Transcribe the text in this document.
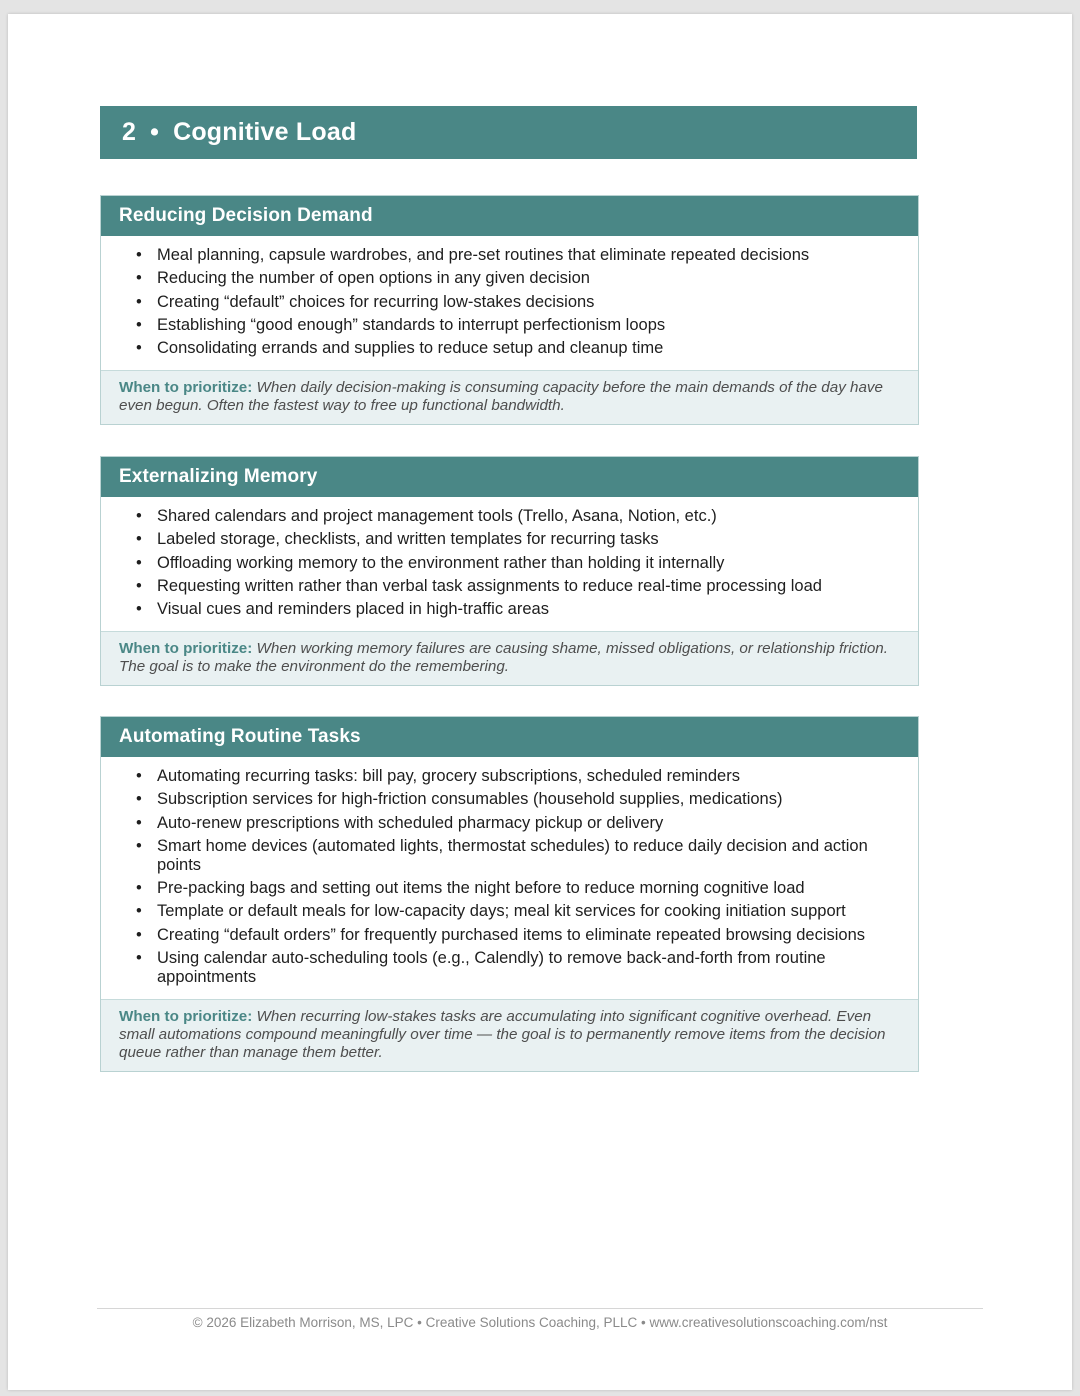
2 • Cognitive Load
Reducing Decision Demand
• Meal planning, capsule wardrobes, and pre-set routines that eliminate repeated decisions
• Reducing the number of open options in any given decision
• Creating “default” choices for recurring low-stakes decisions
• Establishing “good enough” standards to interrupt perfectionism loops
• Consolidating errands and supplies to reduce setup and cleanup time
When to prioritize: When daily decision-making is consuming capacity before the main demands of the day have even begun. Often the fastest way to free up functional bandwidth.
Externalizing Memory
• Shared calendars and project management tools (Trello, Asana, Notion, etc.)
• Labeled storage, checklists, and written templates for recurring tasks
• Offloading working memory to the environment rather than holding it internally
• Requesting written rather than verbal task assignments to reduce real-time processing load
• Visual cues and reminders placed in high-traffic areas
When to prioritize: When working memory failures are causing shame, missed obligations, or relationship friction. The goal is to make the environment do the remembering.
Automating Routine Tasks
• Automating recurring tasks: bill pay, grocery subscriptions, scheduled reminders
• Subscription services for high-friction consumables (household supplies, medications)
• Auto-renew prescriptions with scheduled pharmacy pickup or delivery
• Smart home devices (automated lights, thermostat schedules) to reduce daily decision and action points
• Pre-packing bags and setting out items the night before to reduce morning cognitive load
• Template or default meals for low-capacity days; meal kit services for cooking initiation support
• Creating “default orders” for frequently purchased items to eliminate repeated browsing decisions
• Using calendar auto-scheduling tools (e.g., Calendly) to remove back-and-forth from routine appointments
When to prioritize: When recurring low-stakes tasks are accumulating into significant cognitive overhead. Even small automations compound meaningfully over time — the goal is to permanently remove items from the decision queue rather than manage them better.
© 2026 Elizabeth Morrison, MS, LPC • Creative Solutions Coaching, PLLC • www.creativesolutionscoaching.com/nst
